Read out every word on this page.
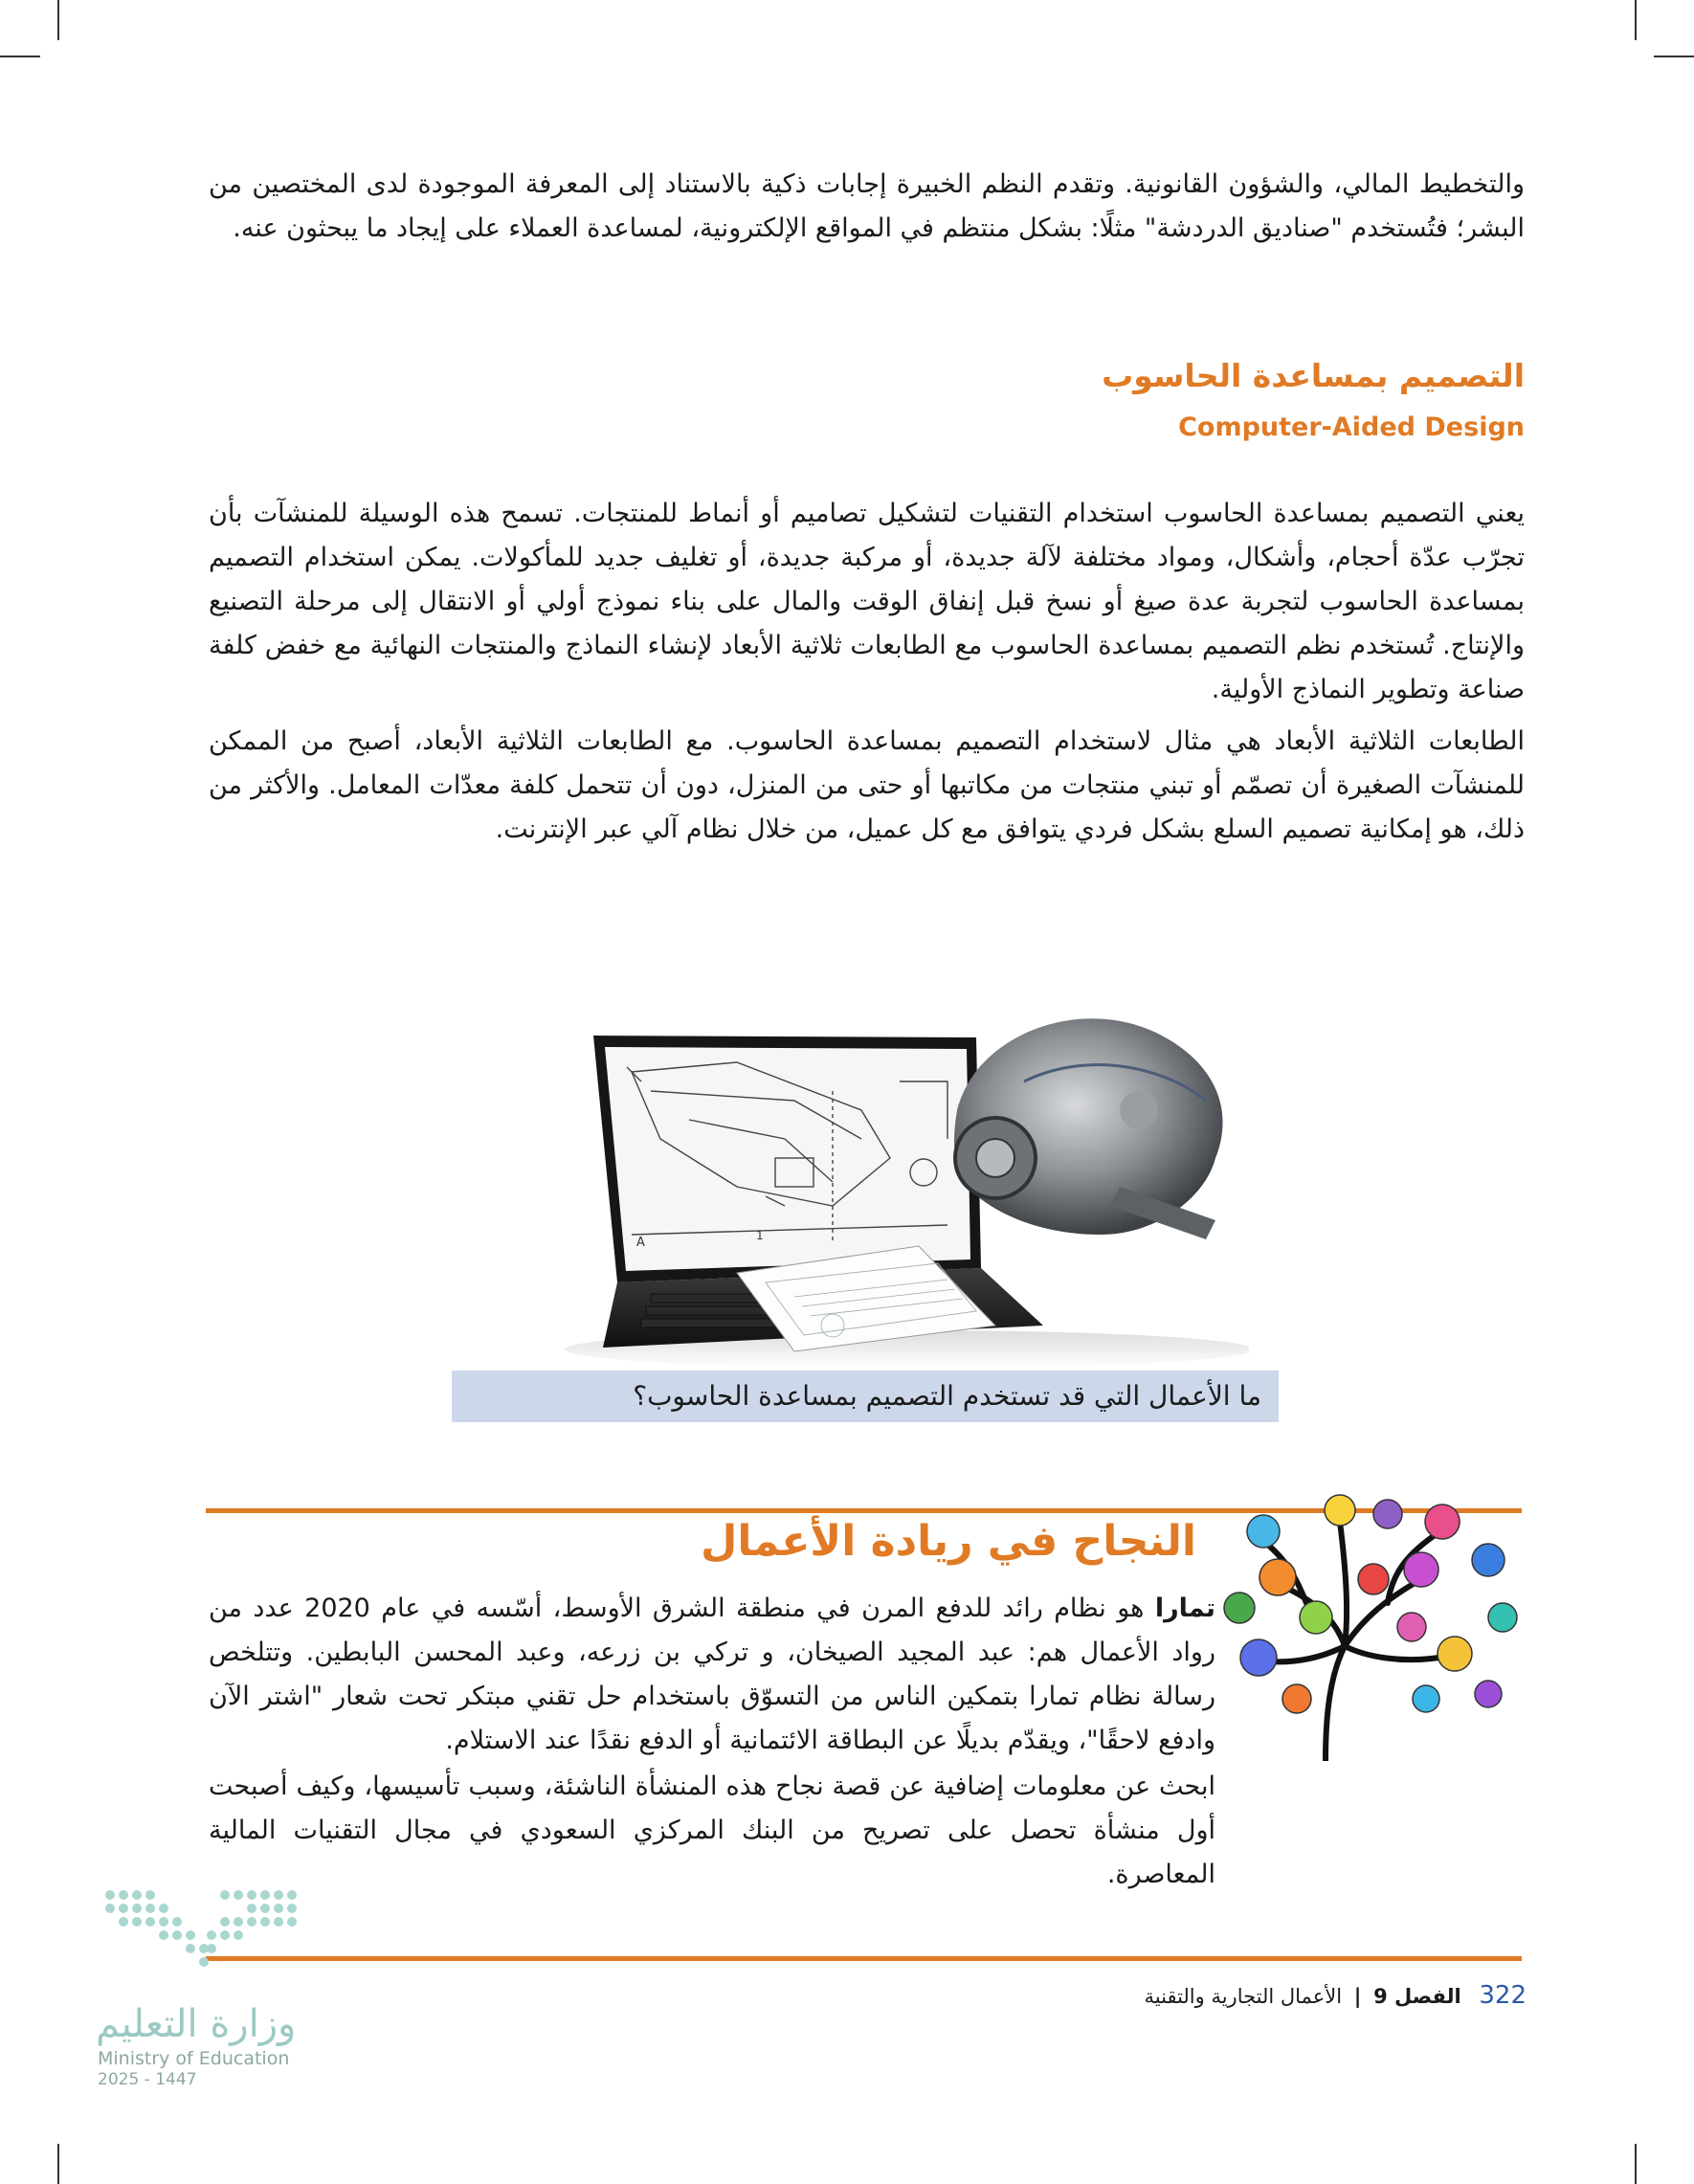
والتخطيط المالي، والشؤون القانونية. وتقدم النظم الخبيرة إجابات ذكية بالاستناد إلى المعرفة الموجودة لدى المختصين من البشر؛ فتُستخدم "صناديق الدردشة" مثلًا: بشكل منتظم في المواقع الإلكترونية، لمساعدة العملاء على إيجاد ما يبحثون عنه.

التصميم بمساعدة الحاسوب
Computer-Aided Design

يعني التصميم بمساعدة الحاسوب استخدام التقنيات لتشكيل تصاميم أو أنماط للمنتجات. تسمح هذه الوسيلة للمنشآت بأن تجرّب عدّة أحجام، وأشكال، ومواد مختلفة لآلة جديدة، أو مركبة جديدة، أو تغليف جديد للمأكولات. يمكن استخدام التصميم بمساعدة الحاسوب لتجربة عدة صيغ أو نسخ قبل إنفاق الوقت والمال على بناء نموذج أولي أو الانتقال إلى مرحلة التصنيع والإنتاج. تُستخدم نظم التصميم بمساعدة الحاسوب مع الطابعات ثلاثية الأبعاد لإنشاء النماذج والمنتجات النهائية مع خفض كلفة صناعة وتطوير النماذج الأولية.

الطابعات الثلاثية الأبعاد هي مثال لاستخدام التصميم بمساعدة الحاسوب. مع الطابعات الثلاثية الأبعاد، أصبح من الممكن للمنشآت الصغيرة أن تصمّم أو تبني منتجات من مكاتبها أو حتى من المنزل، دون أن تتحمل كلفة معدّات المعامل. والأكثر من ذلك، هو إمكانية تصميم السلع بشكل فردي يتوافق مع كل عميل، من خلال نظام آلي عبر الإنترنت.

A	1
ما الأعمال التي قد تستخدم التصميم بمساعدة الحاسوب؟
النجاح في ريادة الأعمال

تمارا هو نظام رائد للدفع المرن في منطقة الشرق الأوسط، أسّسه في عام 2020 عدد من رواد الأعمال هم: عبد المجيد الصيخان، و تركي بن زرعه، وعبد المحسن البابطين. وتتلخص رسالة نظام تمارا بتمكين الناس من التسوّق باستخدام حل تقني مبتكر تحت شعار "اشتر الآن وادفع لاحقًا"، ويقدّم بديلًا عن البطاقة الائتمانية أو الدفع نقدًا عند الاستلام.

ابحث عن معلومات إضافية عن قصة نجاح هذه المنشأة الناشئة، وسبب تأسيسها، وكيف أصبحت أول منشأة تحصل على تصريح من البنك المركزي السعودي في مجال التقنيات المالية المعاصرة.

322 الفصل 9 | الأعمال التجارية والتقنية

وزارة التعليم

Ministry of Education

2025 - 1447
